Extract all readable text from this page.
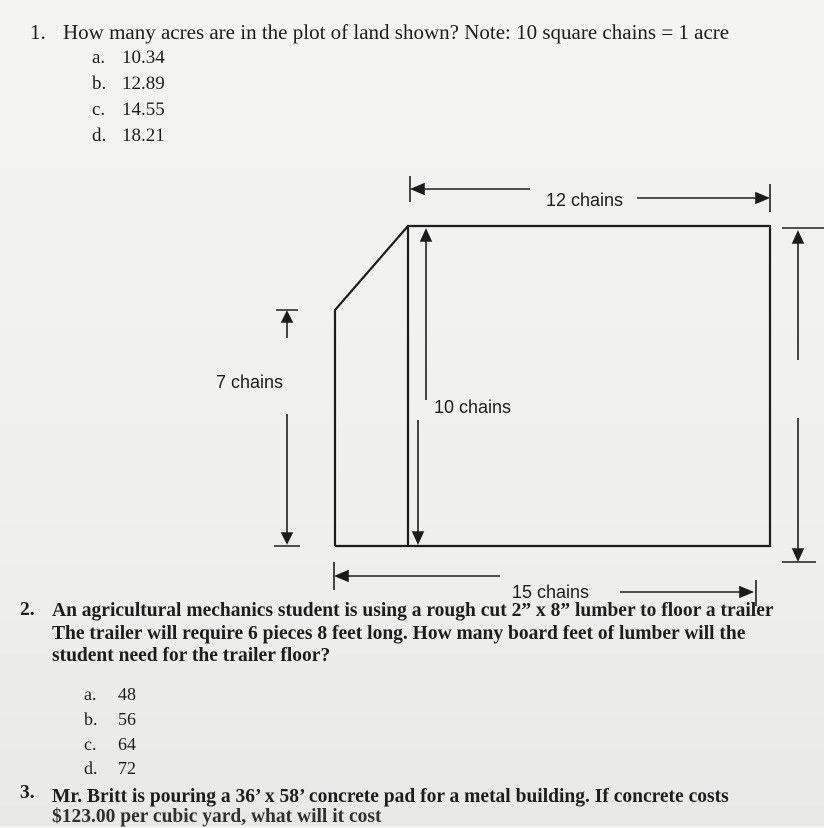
1. How many acres are in the plot of land shown? Note: 10 square chains = 1 acre
a. 10.34
b. 12.89
c. 14.55
d. 18.21
12 chains
7 chains
10 chains
15 chains
2. An agricultural mechanics student is using a rough cut 2” x 8” lumber to floor a trailer
The trailer will require 6 pieces 8 feet long. How many board feet of lumber will the
student need for the trailer floor?
a. 48
b. 56
c. 64
d. 72
3. Mr. Britt is pouring a 36’ x 58’ concrete pad for a metal building. If concrete costs
$123.00 per cubic yard, what will it cost
